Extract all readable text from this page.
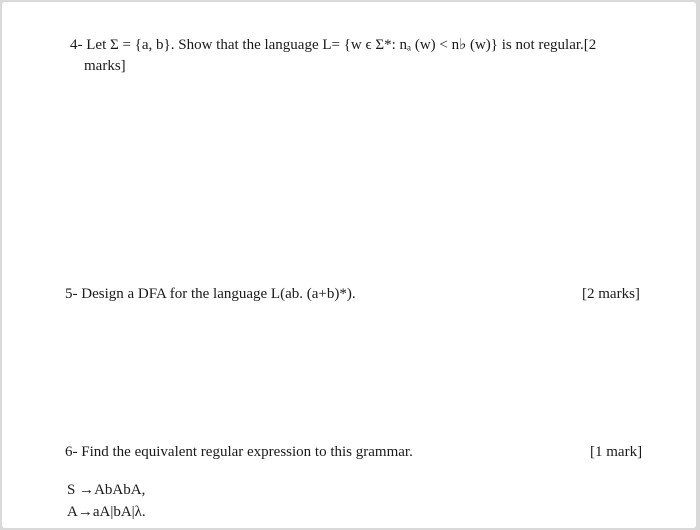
4- Let Σ = {a, b}. Show that the language L= {w ϵ Σ*: nₐ (w) < n♭ (w)} is not regular.[2
marks]
5- Design a DFA for the language L(ab. (a+b)*).	[2 marks]
6- Find the equivalent regular expression to this grammar.	[1 mark]
S →AbAbA,
A→aA|bA|λ.
